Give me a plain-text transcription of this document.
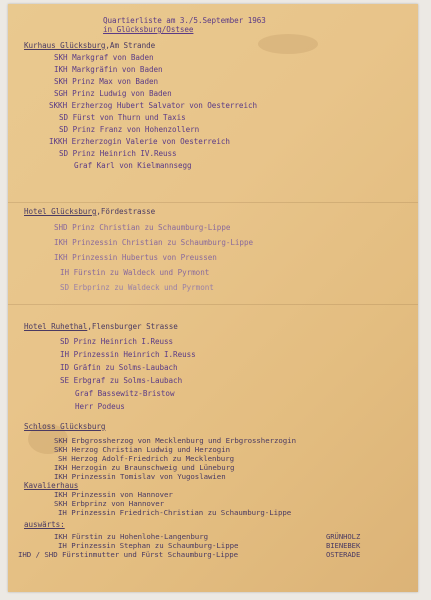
Quartierliste am 3./5.September 1963
in Glücksburg/Ostsee
Kurhaus Glücksburg,Am Strande
SKH Markgraf von Baden
IKH Markgräfin von Baden
SKH Prinz Max von Baden
SGH Prinz Ludwig von Baden
SKKH Erzherzog Hubert Salvator von Oesterreich
SD Fürst von Thurn und Taxis
SD Prinz Franz von Hohenzollern
IKKH Erzherzogin Valerie von Oesterreich
SD Prinz Heinrich IV.Reuss
Graf Karl von Kielmannsegg
Hotel Glücksburg,Fördestrasse
SHD Prinz Christian zu Schaumburg-Lippe
IKH Prinzessin Christian zu Schaumburg-Lippe
IKH Prinzessin Hubertus von Preussen
IH Fürstin zu Waldeck und Pyrmont
SD Erbprinz zu Waldeck und Pyrmont
Hotel Ruhethal,Flensburger Strasse
SD Prinz Heinrich I.Reuss
IH Prinzessin Heinrich I.Reuss
ID Gräfin zu Solms-Laubach
SE Erbgraf zu Solms-Laubach
Graf Bassewitz-Bristow
Herr Podeus
Schloss Glücksburg
SKH Erbgrossherzog von Mecklenburg und Erbgrossherzogin
SKH Herzog Christian Ludwig und Herzogin
SH Herzog Adolf-Friedrich zu Mecklenburg
IKH Herzogin zu Braunschweig und Lüneburg
IKH Prinzessin Tomislav von Yugoslawien
Kavalierhaus
IKH Prinzessin von Hannover
SKH Erbprinz von Hannover
IH Prinzessin Friedrich-Christian zu Schaumburg-Lippe
auswärts:
IKH Fürstin zu Hohenlohe-Langenburg	GRÜNHOLZ
IH Prinzessin Stephan zu Schaumburg-Lippe	BIENEBEK
IHD / SHD Fürstinmutter und Fürst Schaumburg-Lippe	OSTERADE
